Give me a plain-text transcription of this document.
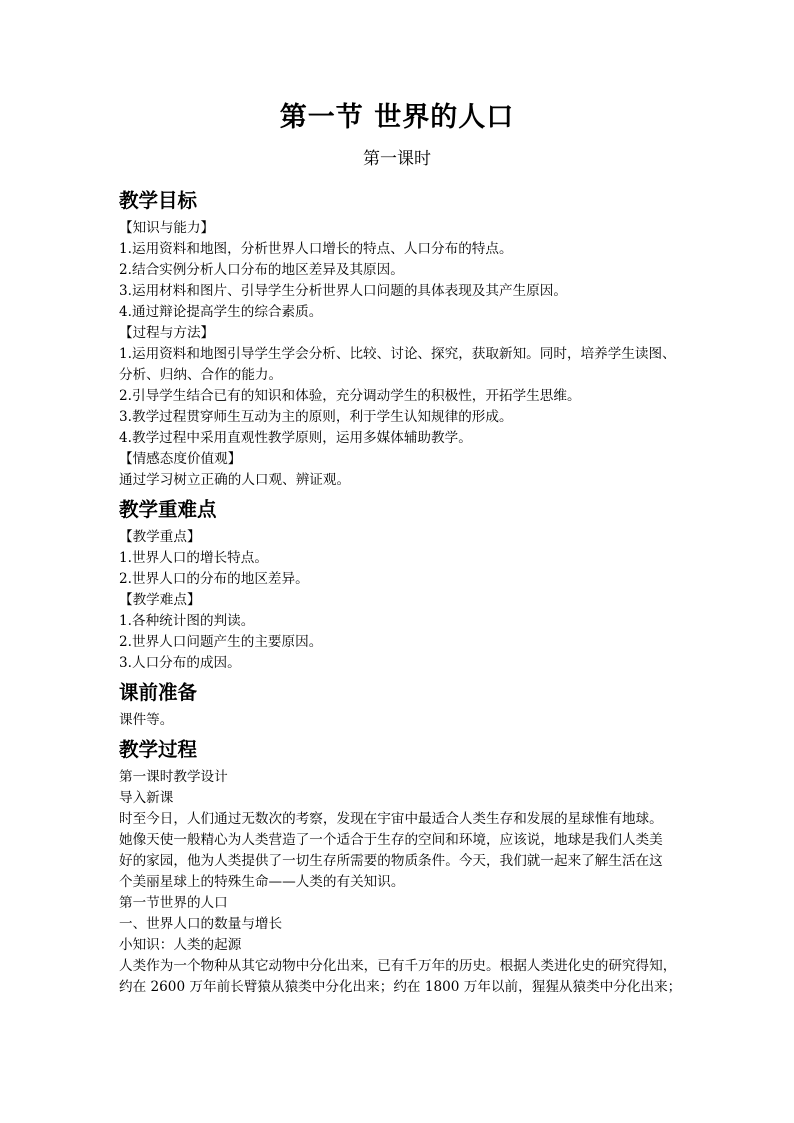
第一节 世界的人口
第一课时
教学目标
【知识与能力】
1.运用资料和地图，分析世界人口增长的特点、人口分布的特点。
2.结合实例分析人口分布的地区差异及其原因。
3.运用材料和图片、引导学生分析世界人口问题的具体表现及其产生原因。
4.通过辩论提高学生的综合素质。
【过程与方法】
1.运用资料和地图引导学生学会分析、比较、讨论、探究，获取新知。同时，培养学生读图、
分析、归纳、合作的能力。
2.引导学生结合已有的知识和体验，充分调动学生的积极性，开拓学生思维。
3.教学过程贯穿师生互动为主的原则，利于学生认知规律的形成。
4.教学过程中采用直观性教学原则，运用多媒体辅助教学。
【情感态度价值观】
通过学习树立正确的人口观、辨证观。
教学重难点
【教学重点】
1.世界人口的增长特点。
2.世界人口的分布的地区差异。
【教学难点】
1.各种统计图的判读。
2.世界人口问题产生的主要原因。
3.人口分布的成因。
课前准备
课件等。
教学过程
第一课时教学设计
导入新课
时至今日，人们通过无数次的考察，发现在宇宙中最适合人类生存和发展的星球惟有地球。
她像天使一般精心为人类营造了一个适合于生存的空间和环境，应该说，地球是我们人类美
好的家园，他为人类提供了一切生存所需要的物质条件。今天，我们就一起来了解生活在这
个美丽星球上的特殊生命——人类的有关知识。
第一节世界的人口
一、世界人口的数量与增长
小知识：人类的起源
人类作为一个物种从其它动物中分化出来，已有千万年的历史。根据人类进化史的研究得知，
约在 2600 万年前长臂猿从猿类中分化出来；约在 1800 万年以前，猩猩从猿类中分化出来；
